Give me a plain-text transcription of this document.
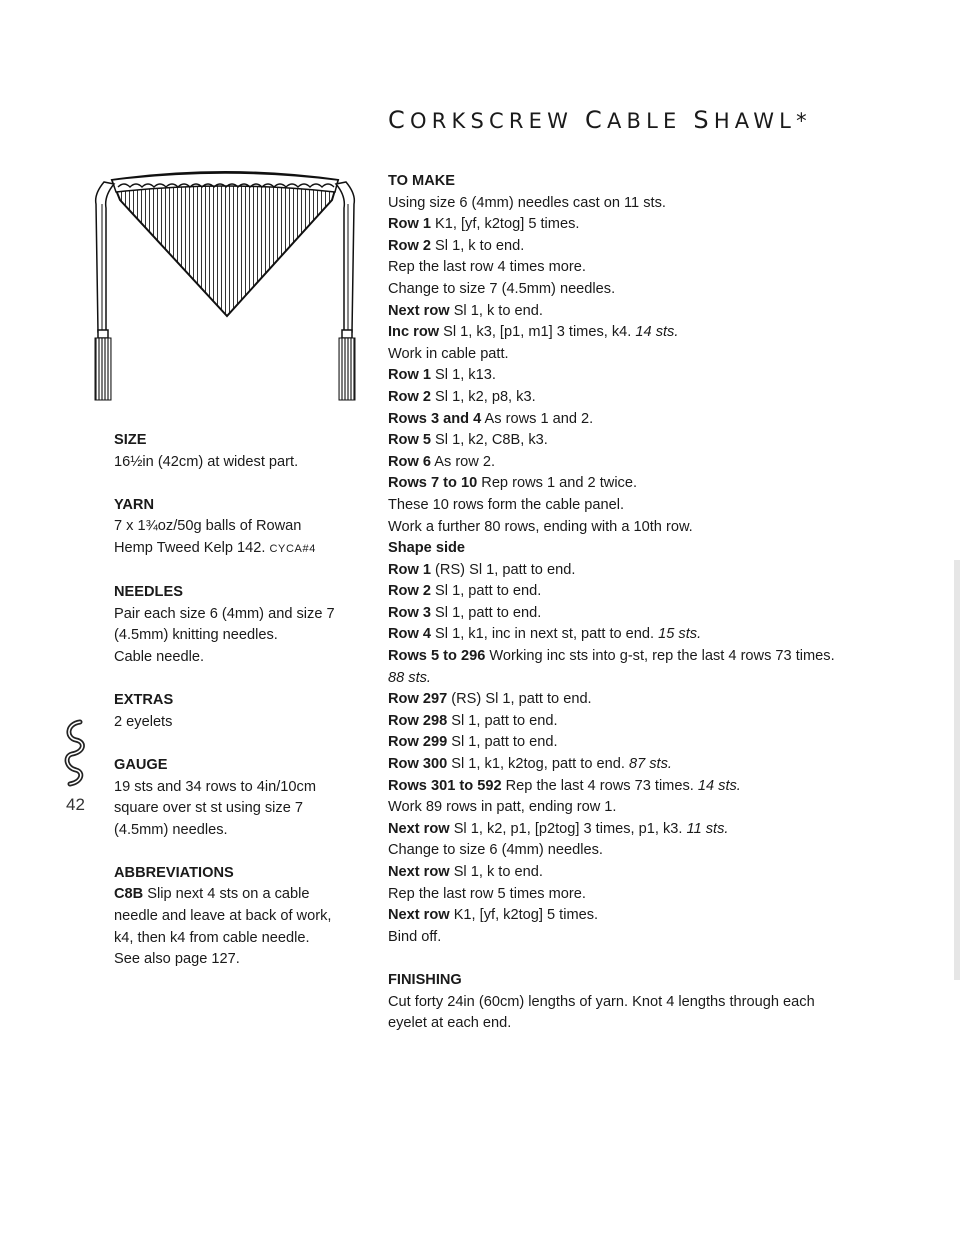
CORKSCREW CABLE SHAWL*
SIZE
16½in (42cm) at widest part.
YARN
7 x 1¾oz/50g balls of Rowan
Hemp Tweed Kelp 142. CYCA#4
NEEDLES
Pair each size 6 (4mm) and size 7
(4.5mm) knitting needles.
Cable needle.
EXTRAS
2 eyelets
GAUGE
19 sts and 34 rows to 4in/10cm
square over st st using size 7
(4.5mm) needles.
ABBREVIATIONS
C8B Slip next 4 sts on a cable
needle and leave at back of work,
k4, then k4 from cable needle.
See also page 127.
42
TO MAKE
Using size 6 (4mm) needles cast on 11 sts.
Row 1 K1, [yf, k2tog] 5 times.
Row 2 Sl 1, k to end.
Rep the last row 4 times more.
Change to size 7 (4.5mm) needles.
Next row Sl 1, k to end.
Inc row Sl 1, k3, [p1, m1] 3 times, k4. 14 sts.
Work in cable patt.
Row 1 Sl 1, k13.
Row 2 Sl 1, k2, p8, k3.
Rows 3 and 4 As rows 1 and 2.
Row 5 Sl 1, k2, C8B, k3.
Row 6 As row 2.
Rows 7 to 10 Rep rows 1 and 2 twice.
These 10 rows form the cable panel.
Work a further 80 rows, ending with a 10th row.
Shape side
Row 1 (RS) Sl 1, patt to end.
Row 2 Sl 1, patt to end.
Row 3 Sl 1, patt to end.
Row 4 Sl 1, k1, inc in next st, patt to end. 15 sts.
Rows 5 to 296 Working inc sts into g-st, rep the last 4 rows 73 times.
88 sts.
Row 297 (RS) Sl 1, patt to end.
Row 298 Sl 1, patt to end.
Row 299 Sl 1, patt to end.
Row 300 Sl 1, k1, k2tog, patt to end. 87 sts.
Rows 301 to 592 Rep the last 4 rows 73 times. 14 sts.
Work 89 rows in patt, ending row 1.
Next row Sl 1, k2, p1, [p2tog] 3 times, p1, k3. 11 sts.
Change to size 6 (4mm) needles.
Next row Sl 1, k to end.
Rep the last row 5 times more.
Next row K1, [yf, k2tog] 5 times.
Bind off.
FINISHING
Cut forty 24in (60cm) lengths of yarn. Knot 4 lengths through each
eyelet at each end.
